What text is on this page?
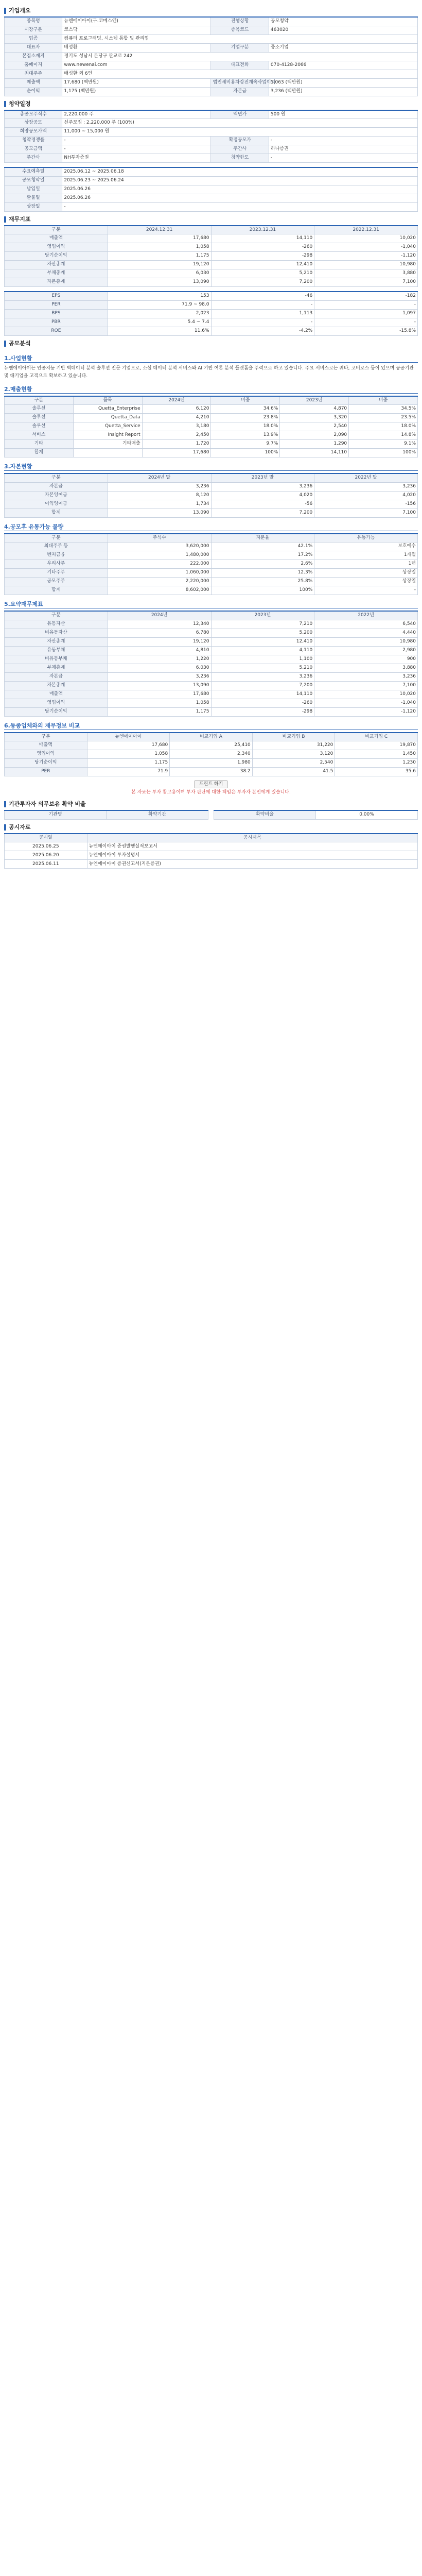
기업개요
종목명	뉴엔에이아이(구.코메스앤)	진행상황	공모청약
시장구분	코스닥	종목코드	463020
업종	컴퓨터 프로그래밍, 시스템 통합 및 관리업		
대표자	배성환	기업구분	중소기업
본점소재지	경기도 성남시 분당구 판교로 242		
홈페이지	www.newenai.com	대표전화	070-4128-2066
최대주주	배성환 외 6인		
매출액	17,680 (백만원)	법인세비용차감전계속사업이익	1,063 (백만원)
순이익	1,175 (백만원)	자본금	3,236 (백만원)
청약일정
총공모주식수	2,220,000 주	액면가	500 원
상장공모	신주모집 : 2,220,000 주 (100%)		
희망공모가액	11,000 ~ 15,000 원		
청약경쟁률	-	확정공모가	-
공모금액	-	주간사	하나증권
주간사	NH투자증권	청약한도	-
수요예측일	2025.06.12 ~ 2025.06.18
공모청약일	2025.06.23 ~ 2025.06.24
납입일	2025.06.26
환불일	2025.06.26
상장일	-
재무지표
구분	2024.12.31	2023.12.31	2022.12.31
매출액	17,680	14,110	10,020
영업이익	1,058	-260	-1,040
당기순이익	1,175	-298	-1,120
자산총계	19,120	12,410	10,980
부채총계	6,030	5,210	3,880
자본총계	13,090	7,200	7,100
EPS	153	-46	-182
PER	71.9 ~ 98.0	-	-
BPS	2,023	1,113	1,097
PBR	5.4 ~ 7.4	-	-
ROE	11.6%	-4.2%	-15.8%
공모분석
1.사업현황
뉴엔에이아이는 인공지능 기반 빅데이터 분석 솔루션 전문 기업으로, 소셜 데이터 분석 서비스와 AI 기반 여론 분석 플랫폼을 주력으로 하고 있습니다. 주요 서비스로는 퀘타, 코버로스 등이 있으며 공공기관 및 대기업을 고객으로 확보하고 있습니다.
2.매출현황
구분	품목	2024년	비중	2023년	비중
솔루션	Quetta_Enterprise	6,120	34.6%	4,870	34.5%
솔루션	Quetta_Data	4,210	23.8%	3,320	23.5%
솔루션	Quetta_Service	3,180	18.0%	2,540	18.0%
서비스	Insight Report	2,450	13.9%	2,090	14.8%
기타	기타매출	1,720	9.7%	1,290	9.1%
합계		17,680	100%	14,110	100%
3.자본현황
구분	2024년 말	2023년 말	2022년 말
자본금	3,236	3,236	3,236
자본잉여금	8,120	4,020	4,020
이익잉여금	1,734	-56	-156
합계	13,090	7,200	7,100
4.공모후 유통가능 물량
구분	주식수	지분율	유통가능
최대주주 등	3,620,000	42.1%	보호예수
벤처금융	1,480,000	17.2%	1개월
우리사주	222,000	2.6%	1년
기타주주	1,060,000	12.3%	상장일
공모주주	2,220,000	25.8%	상장일
합계	8,602,000	100%	-
5.요약재무제표
구분	2024년	2023년	2022년
유동자산	12,340	7,210	6,540
비유동자산	6,780	5,200	4,440
자산총계	19,120	12,410	10,980
유동부채	4,810	4,110	2,980
비유동부채	1,220	1,100	900
부채총계	6,030	5,210	3,880
자본금	3,236	3,236	3,236
자본총계	13,090	7,200	7,100
매출액	17,680	14,110	10,020
영업이익	1,058	-260	-1,040
당기순이익	1,175	-298	-1,120
6.동종업체와의 재무정보 비교
구분	뉴엔에이아이	비교기업 A	비교기업 B	비교기업 C
매출액	17,680	25,410	31,220	19,870
영업이익	1,058	2,340	3,120	1,450
당기순이익	1,175	1,980	2,540	1,230
PER	71.9	38.2	41.5	35.6
프린트 하기
본 자료는 투자 참고용이며 투자 판단에 대한 책임은 투자자 본인에게 있습니다.
기관투자자 의무보유 확약 비율
기관명	확약기간	확약비율	0.00%
공시자료
공시일	공시제목
2025.06.25	뉴엔에이아이 증권발행실적보고서
2025.06.20	뉴엔에이아이 투자설명서
2025.06.11	뉴엔에이아이 증권신고서(지분증권)
